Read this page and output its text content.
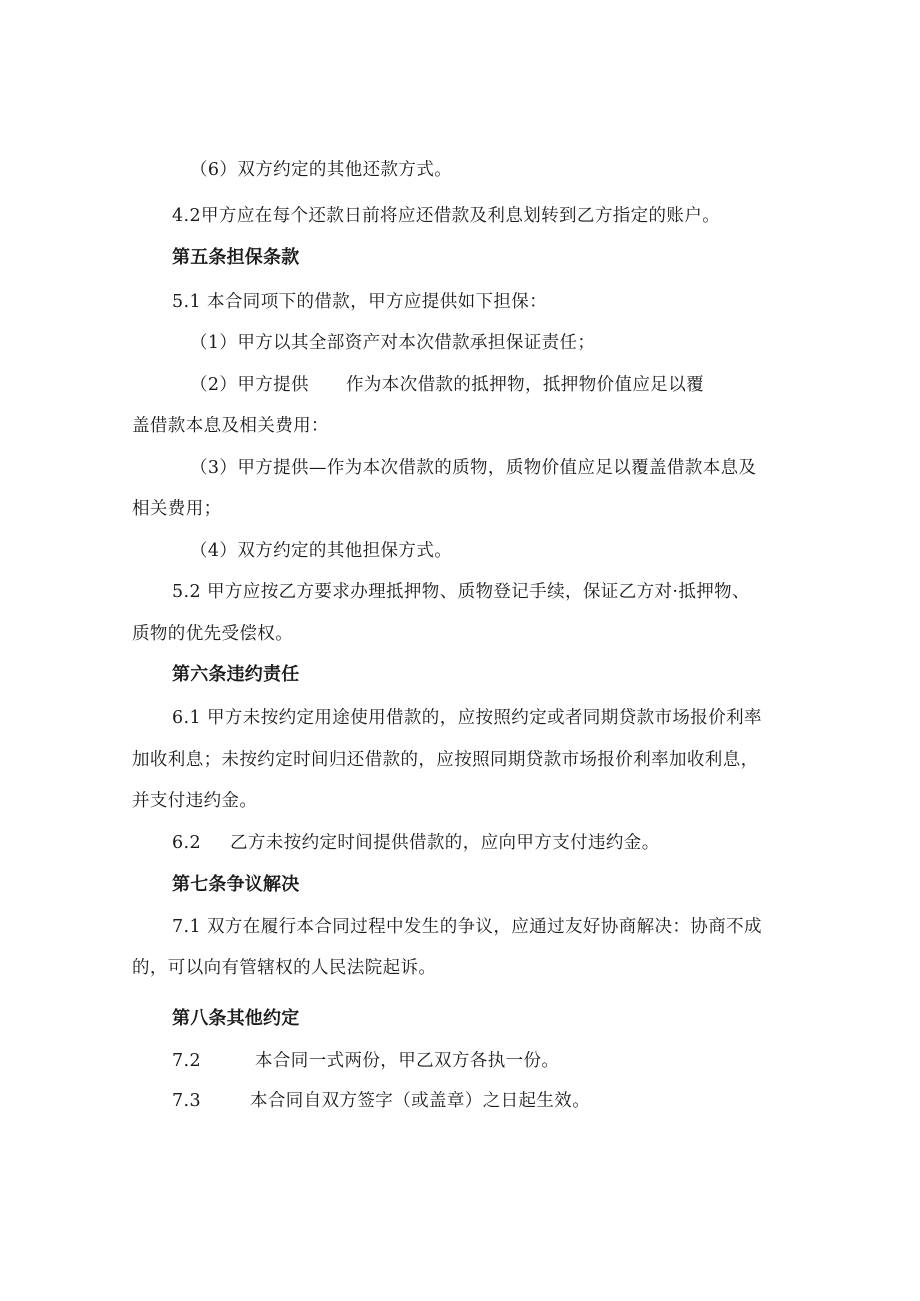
（6）双方约定的其他还款方式。
4.2甲方应在每个还款日前将应还借款及利息划转到乙方指定的账户。
第五条担保条款
5.1 本合同项下的借款，甲方应提供如下担保：
（1）甲方以其全部资产对本次借款承担保证责任；
（2）甲方提供 作为本次借款的抵押物，抵押物价值应足以覆
盖借款本息及相关费用：
（3）甲方提供—作为本次借款的质物，质物价值应足以覆盖借款本息及
相关费用；
（4）双方约定的其他担保方式。
5.2 甲方应按乙方要求办理抵押物、质物登记手续，保证乙方对·抵押物、
质物的优先受偿权。
第六条违约责任
6.1 甲方未按约定用途使用借款的，应按照约定或者同期贷款市场报价利率
加收利息；未按约定时间归还借款的，应按照同期贷款市场报价利率加收利息，
并支付违约金。
6.2 乙方未按约定时间提供借款的，应向甲方支付违约金。
第七条争议解决
7.1 双方在履行本合同过程中发生的争议，应通过友好协商解决：协商不成
的，可以向有管辖权的人民法院起诉。
第八条其他约定
7.2	本合同一式两份，甲乙双方各执一份。
7.3	本合同自双方签字（或盖章）之日起生效。
